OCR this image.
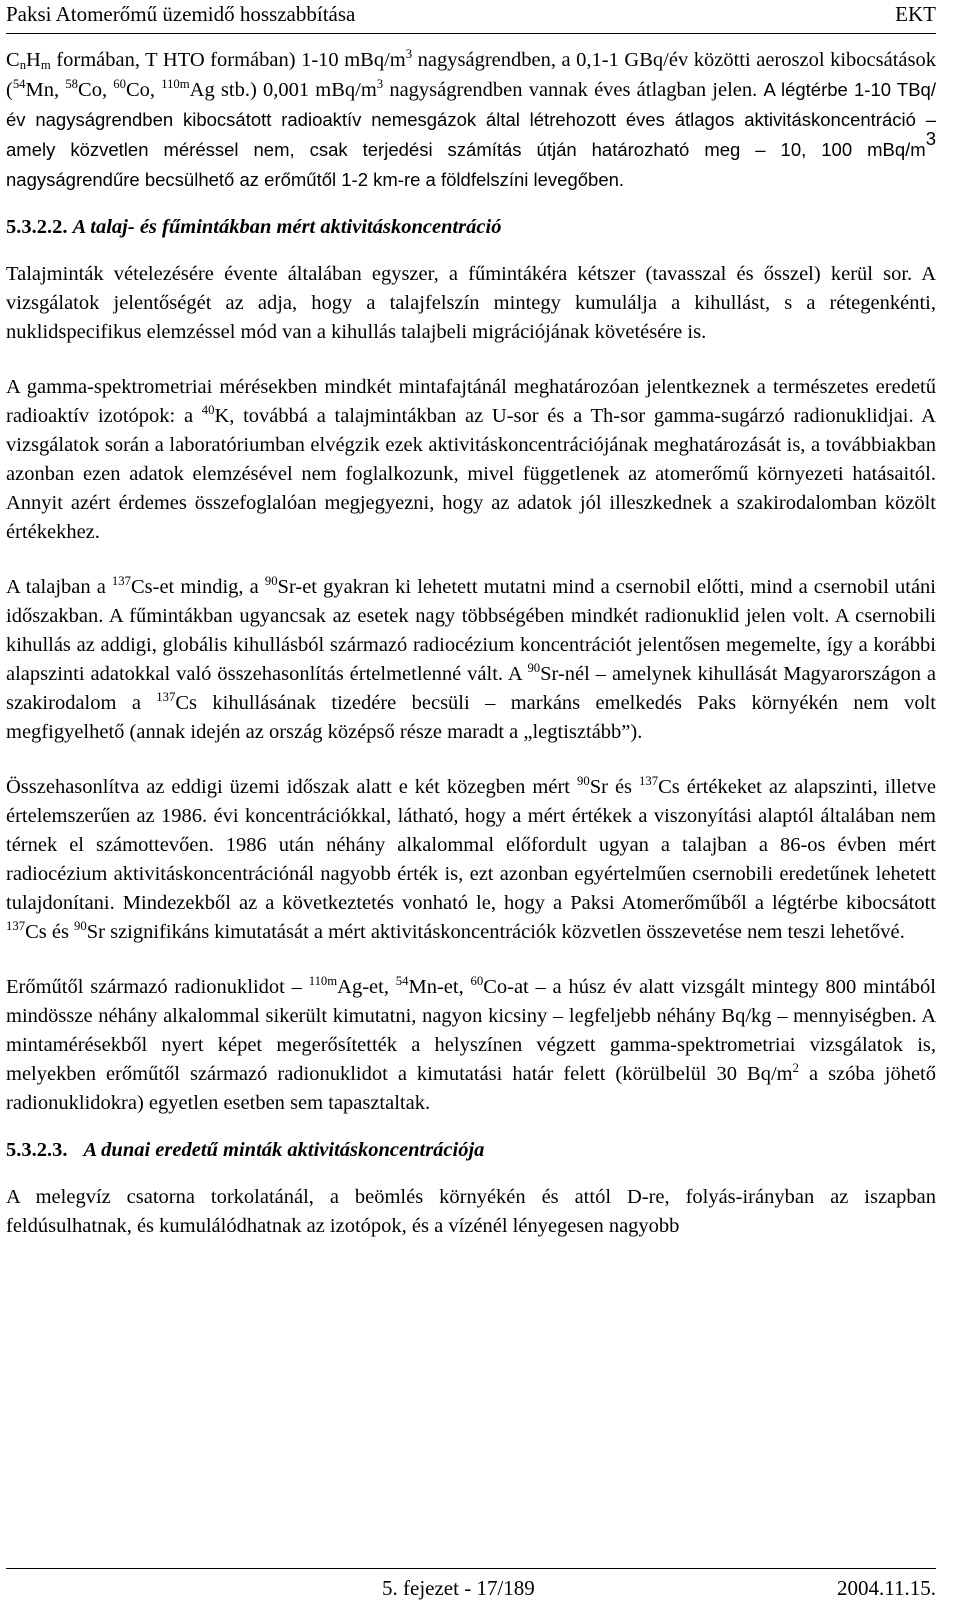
Paksi Atomerőmű üzemidő hosszabbítása	EKT

$C_nH_m$ formában, T HTO formában) 1-10 mBq/$m^3$ nagyságrendben, a 0,1-1 GBq/év közötti aeroszol kibocsátások ($^{54}$Mn, $^{58}$Co, $^{60}$Co, $^{110m}$Ag stb.) 0,001 mBq/$m^3$ nagyságrendben vannak éves átlagban jelen. A légtérbe 1-10 TBq/év nagyságrendben kibocsátott radioaktív nemesgázok által létrehozott éves átlagos aktivitáskoncentráció – amely közvetlen méréssel nem, csak terjedési számítás útján határozható meg – 10, 100 mBq/$m^3$ nagyságrendűre becsülhető az erőműtől 1-2 km-re a földfelszíni levegőben.

5.3.2.2. A talaj- és fűmintákban mért aktivitáskoncentráció

Talajminták vételezésére évente általában egyszer, a fűmintákéra kétszer (tavasszal és ősszel) kerül sor. A vizsgálatok jelentőségét az adja, hogy a talajfelszín mintegy kumulálja a kihullást, s a rétegenkénti, nuklidspecifikus elemzéssel mód van a kihullás talajbeli migrációjának követésére is.

A gamma-spektrometriai mérésekben mindkét mintafajtánál meghatározóan jelentkeznek a természetes eredetű radioaktív izotópok: a $^{40}$K, továbbá a talajmintákban az U-sor és a Th-sor gamma-sugárzó radionuklidjai. A vizsgálatok során a laboratóriumban elvégzik ezek aktivitáskoncentrációjának meghatározását is, a továbbiakban azonban ezen adatok elemzésével nem foglalkozunk, mivel függetlenek az atomerőmű környezeti hatásaitól. Annyit azért érdemes összefoglalóan megjegyezni, hogy az adatok jól illeszkednek a szakirodalomban közölt értékekhez.

A talajban a $^{137}$Cs-et mindig, a $^{90}$Sr-et gyakran ki lehetett mutatni mind a csernobil előtti, mind a csernobil utáni időszakban. A fűmintákban ugyancsak az esetek nagy többségében mindkét radionuklid jelen volt. A csernobili kihullás az addigi, globális kihullásból származó radiocézium koncentrációt jelentősen megemelte, így a korábbi alapszinti adatokkal való összehasonlítás értelmetlenné vált. A $^{90}$Sr-nél – amelynek kihullását Magyarországon a szakirodalom a $^{137}$Cs kihullásának tizedére becsüli – markáns emelkedés Paks környékén nem volt megfigyelhető (annak idején az ország középső része maradt a „legtisztább”).

Összehasonlítva az eddigi üzemi időszak alatt e két közegben mért $^{90}$Sr és $^{137}$Cs értékeket az alapszinti, illetve értelemszerűen az 1986. évi koncentrációkkal, látható, hogy a mért értékek a viszonyítási alaptól általában nem térnek el számottevően. 1986 után néhány alkalommal előfordult ugyan a talajban a 86-os évben mért radiocézium aktivitáskoncentrációnál nagyobb érték is, ezt azonban egyértelműen csernobili eredetűnek lehetett tulajdonítani. Mindezekből az a következtetés vonható le, hogy a Paksi Atomerőműből a légtérbe kibocsátott $^{137}$Cs és $^{90}$Sr szignifikáns kimutatását a mért aktivitáskoncentrációk közvetlen összevetése nem teszi lehetővé.

Erőműtől származó radionuklidot – $^{110m}$Ag-et, $^{54}$Mn-et, $^{60}$Co-at – a húsz év alatt vizsgált mintegy 800 mintából mindössze néhány alkalommal sikerült kimutatni, nagyon kicsiny – legfeljebb néhány Bq/kg – mennyiségben. A mintamérésekből nyert képet megerősítették a helyszínen végzett gamma-spektrometriai vizsgálatok is, melyekben erőműtől származó radionuklidot a kimutatási határ felett (körülbelül 30 $Bq/m^2$ a szóba jöhető radionuklidokra) egyetlen esetben sem tapasztaltak.

5.3.2.3. A dunai eredetű minták aktivitáskoncentrációja

A melegvíz csatorna torkolatánál, a beömlés környékén és attól D-re, folyás-irányban az iszapban feldúsulhatnak, és kumulálódhatnak az izotópok, és a vízénél lényegesen nagyobb

5. fejezet - 17/189	2004.11.15.
